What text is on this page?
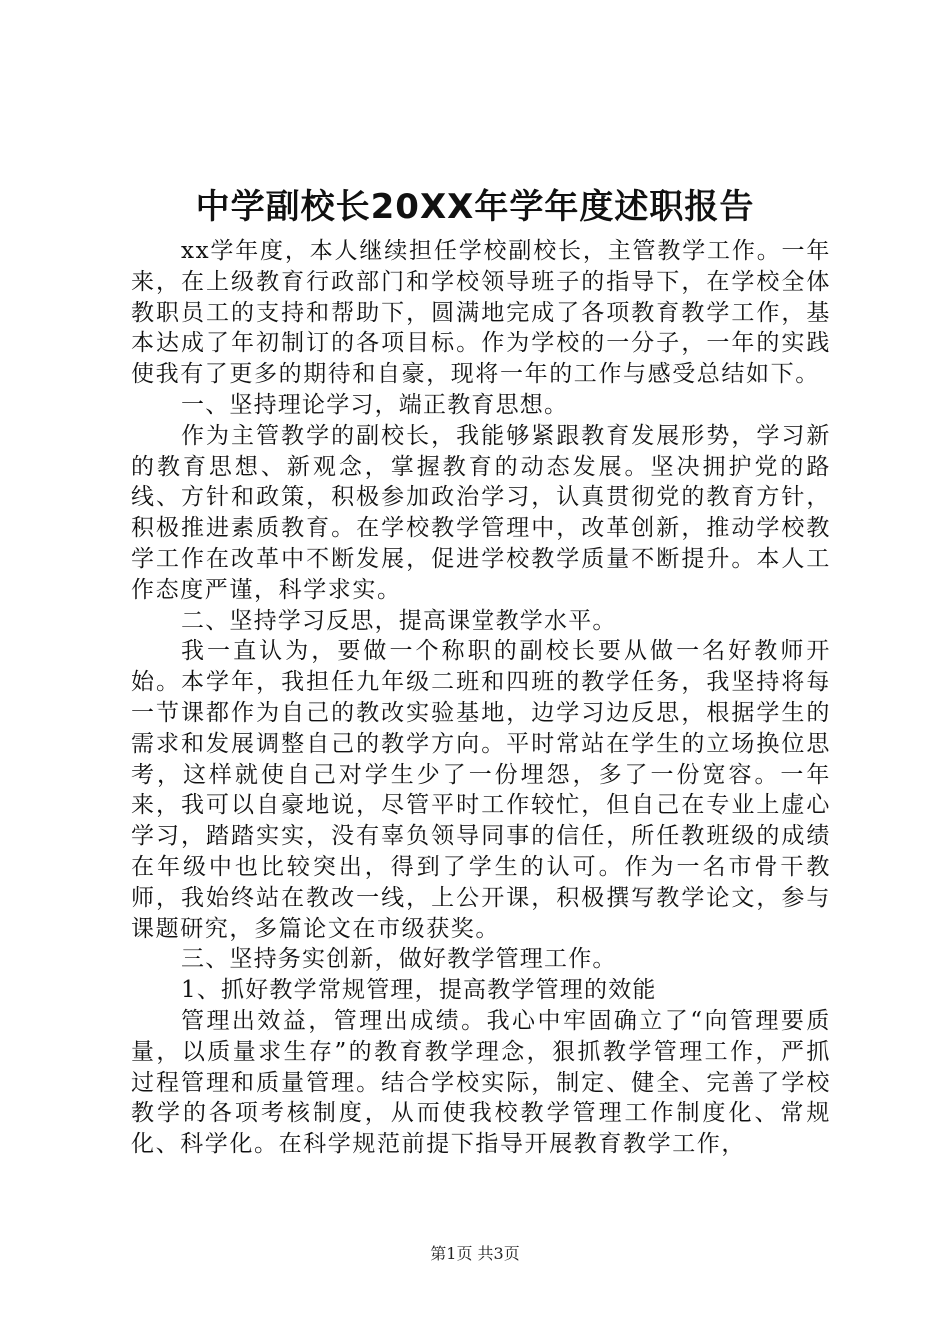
中学副校长20XX年学年度述职报告

xx学年度，本人继续担任学校副校长，主管教学工作。一年来，在上级教育行政部门和学校领导班子的指导下，在学校全体教职员工的支持和帮助下，圆满地完成了各项教育教学工作，基本达成了年初制订的各项目标。作为学校的一分子，一年的实践使我有了更多的期待和自豪，现将一年的工作与感受总结如下。

一、坚持理论学习，端正教育思想。

作为主管教学的副校长，我能够紧跟教育发展形势，学习新的教育思想、新观念，掌握教育的动态发展。坚决拥护党的路线、方针和政策，积极参加政治学习，认真贯彻党的教育方针，积极推进素质教育。在学校教学管理中，改革创新，推动学校教学工作在改革中不断发展，促进学校教学质量不断提升。本人工作态度严谨，科学求实。

二、坚持学习反思，提高课堂教学水平。

我一直认为，要做一个称职的副校长要从做一名好教师开始。本学年，我担任九年级二班和四班的教学任务，我坚持将每一节课都作为自己的教改实验基地，边学习边反思，根据学生的需求和发展调整自己的教学方向。平时常站在学生的立场换位思考，这样就使自己对学生少了一份埋怨，多了一份宽容。一年来，我可以自豪地说，尽管平时工作较忙，但自己在专业上虚心学习，踏踏实实，没有辜负领导同事的信任，所任教班级的成绩在年级中也比较突出，得到了学生的认可。作为一名市骨干教师，我始终站在教改一线，上公开课，积极撰写教学论文，参与课题研究，多篇论文在市级获奖。

三、坚持务实创新，做好教学管理工作。

1、抓好教学常规管理，提高教学管理的效能

管理出效益，管理出成绩。我心中牢固确立了“向管理要质量，以质量求生存”的教育教学理念，狠抓教学管理工作，严抓过程管理和质量管理。结合学校实际，制定、健全、完善了学校教学的各项考核制度，从而使我校教学管理工作制度化、常规化、科学化。在科学规范前提下指导开展教育教学工作，

第1页 共3页
